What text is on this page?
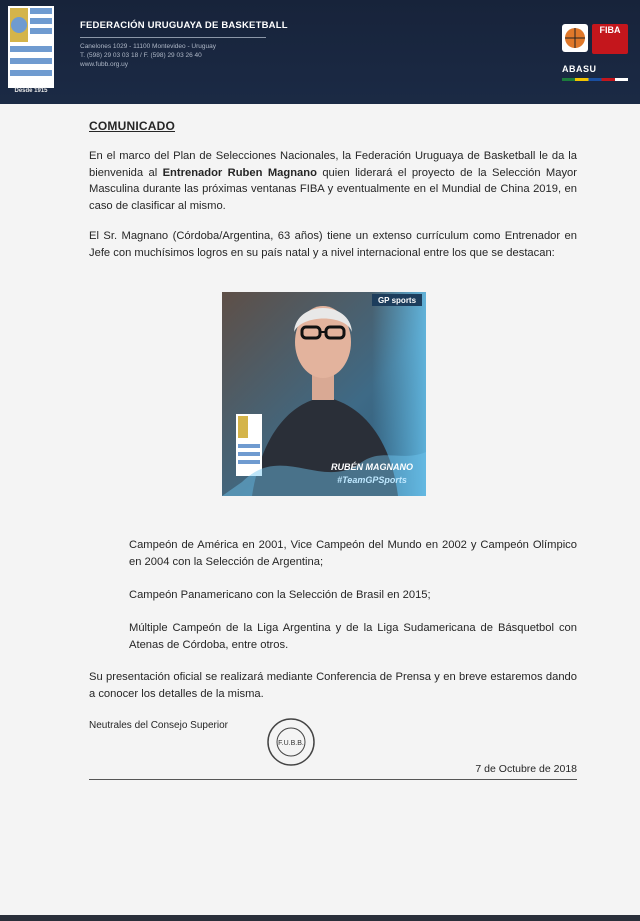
Desde 1915
FEDERACIÓN URUGUAYA DE BASKETBALL
Canelones 1029 - 11100 Montevideo - Uruguay
T. (598) 29 03 03 18 / F. (598) 29 03 26 40
www.fubb.org.uy
FIBA
ABASU
COMUNICADO

En el marco del Plan de Selecciones Nacionales, la Federación Uruguaya de Basketball le da la bienvenida al Entrenador Ruben Magnano quien liderará el proyecto de la Selección Mayor Masculina durante las próximas ventanas FIBA y eventualmente en el Mundial de China 2019, en caso de clasificar al mismo.

El Sr. Magnano (Córdoba/Argentina, 63 años) tiene un extenso currículum como Entrenador en Jefe con muchísimos logros en su país natal y a nivel internacional entre los que se destacan:

GP sports
RUBÉN MAGNANO
#TeamGPSports

Campeón de América en 2001, Vice Campeón del Mundo en 2002 y Campeón Olímpico en 2004 con la Selección de Argentina;

Campeón Panamericano con la Selección de Brasil en 2015;

Múltiple Campeón de la Liga Argentina y de la Liga Sudamericana de Básquetbol con Atenas de Córdoba, entre otros.

Su presentación oficial se realizará mediante Conferencia de Prensa y en breve estaremos dando a conocer los detalles de la misma.

Neutrales del Consejo Superior
F.U.B.B.
7 de Octubre de 2018
